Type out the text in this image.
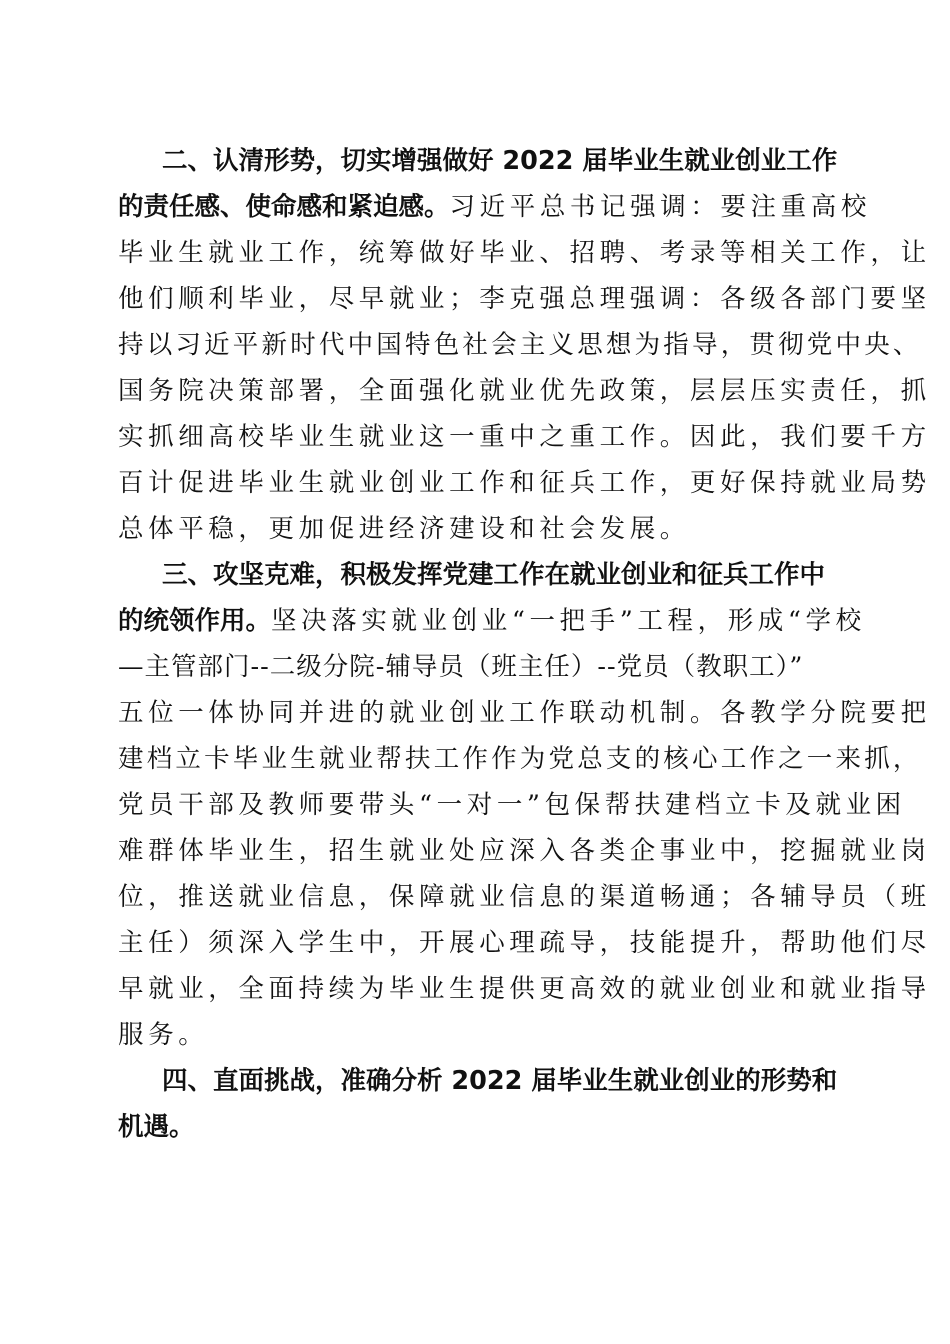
二、认清形势，切实增强做好 2022 届毕业生就业创业工作

的责任感、使命感和紧迫感。习近平总书记强调：要注重高校

毕业生就业工作，统筹做好毕业、招聘、考录等相关工作，让

他们顺利毕业，尽早就业；李克强总理强调：各级各部门要坚

持以习近平新时代中国特色社会主义思想为指导，贯彻党中央、

国务院决策部署，全面强化就业优先政策，层层压实责任，抓

实抓细高校毕业生就业这一重中之重工作。因此，我们要千方

百计促进毕业生就业创业工作和征兵工作，更好保持就业局势

总体平稳，更加促进经济建设和社会发展。

三、攻坚克难，积极发挥党建工作在就业创业和征兵工作中

的统领作用。坚决落实就业创业“一把手”工程，形成“学校

—主管部门--二级分院-辅导员（班主任）--党员（教职工）”

五位一体协同并进的就业创业工作联动机制。各教学分院要把

建档立卡毕业生就业帮扶工作作为党总支的核心工作之一来抓，

党员干部及教师要带头“一对一”包保帮扶建档立卡及就业困

难群体毕业生，招生就业处应深入各类企事业中，挖掘就业岗

位，推送就业信息，保障就业信息的渠道畅通；各辅导员（班

主任）须深入学生中，开展心理疏导，技能提升，帮助他们尽

早就业，全面持续为毕业生提供更高效的就业创业和就业指导

服务。

四、直面挑战，准确分析 2022 届毕业生就业创业的形势和

机遇。
